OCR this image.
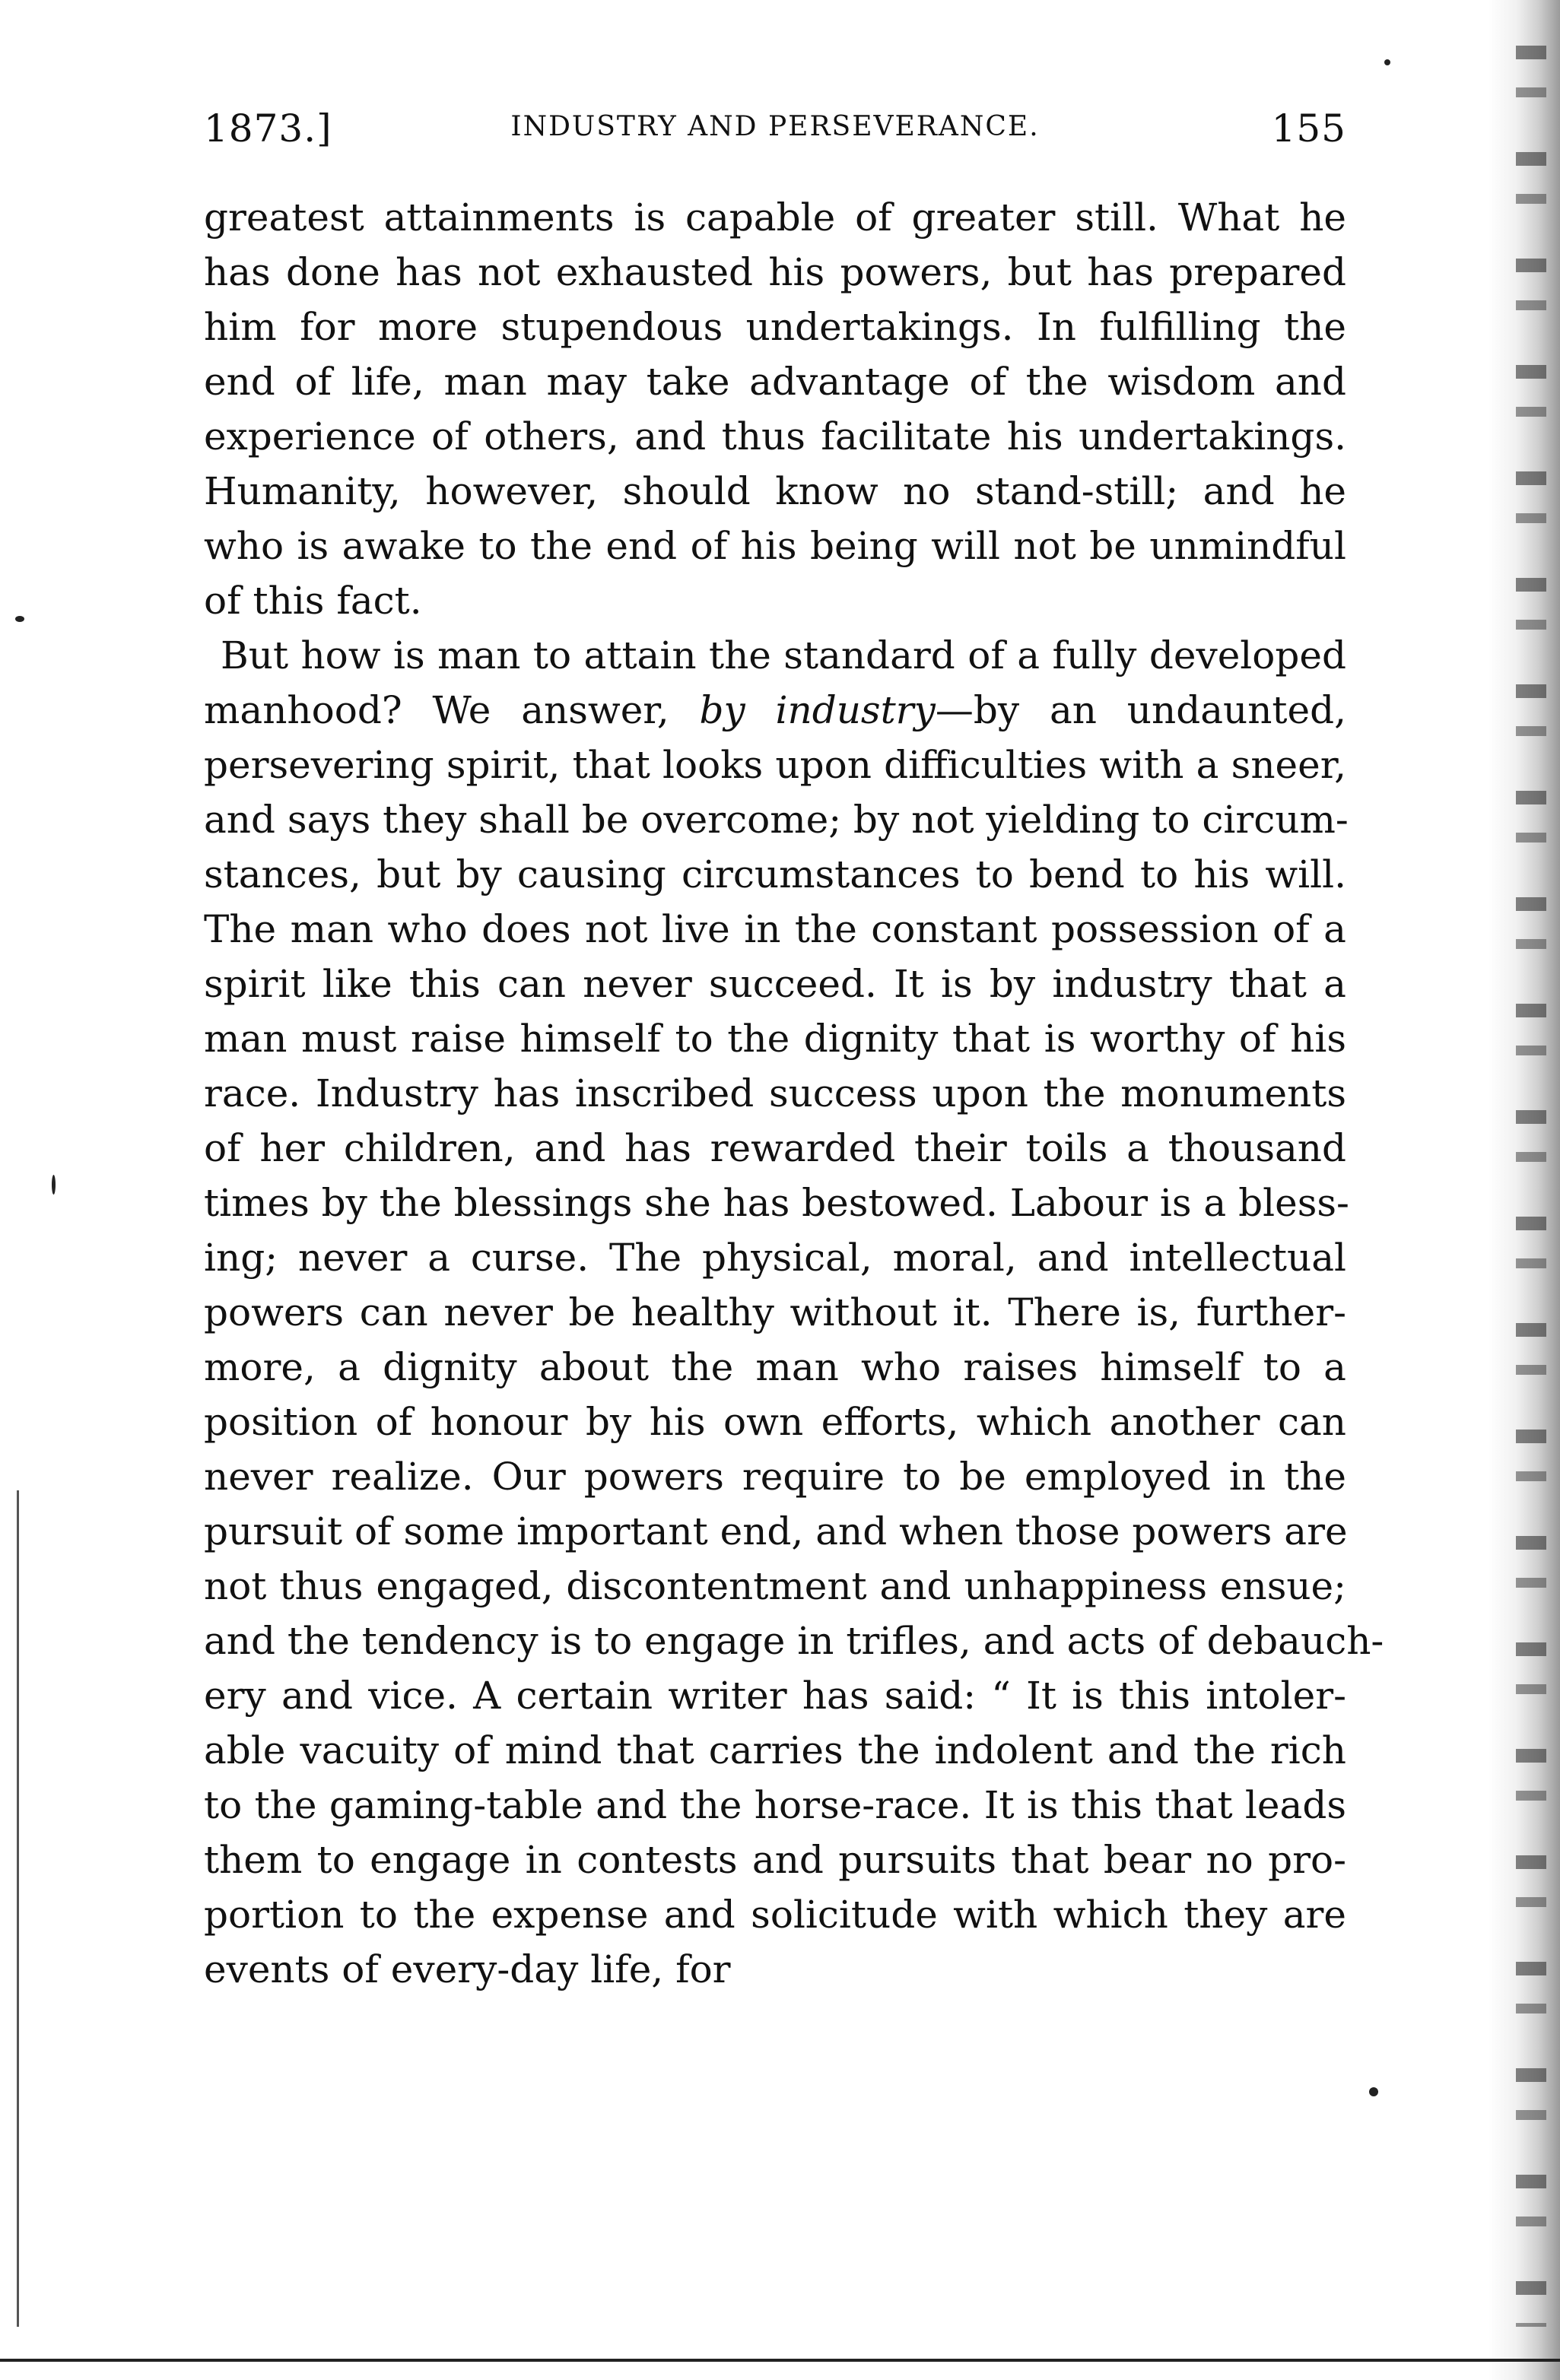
1873.]	INDUSTRY AND PERSEVERANCE.	155
greatest attainments is capable of greater still. What he
has done has not exhausted his powers, but has prepared
him for more stupendous undertakings. In fulfilling the
end of life, man may take advantage of the wisdom and
experience of others, and thus facilitate his undertakings.
Humanity, however, should know no stand-still; and he
who is awake to the end of his being will not be unmindful
of this fact.
But how is man to attain the standard of a fully developed
manhood? We answer, by industry—by an undaunted,
persevering spirit, that looks upon difficulties with a sneer,
and says they shall be overcome; by not yielding to circum-
stances, but by causing circumstances to bend to his will.
The man who does not live in the constant possession of a
spirit like this can never succeed. It is by industry that a
man must raise himself to the dignity that is worthy of his
race. Industry has inscribed success upon the monuments
of her children, and has rewarded their toils a thousand
times by the blessings she has bestowed. Labour is a bless-
ing; never a curse. The physical, moral, and intellectual
powers can never be healthy without it. There is, further-
more, a dignity about the man who raises himself to a
position of honour by his own efforts, which another can
never realize. Our powers require to be employed in the
pursuit of some important end, and when those powers are
not thus engaged, discontentment and unhappiness ensue;
and the tendency is to engage in trifles, and acts of debauch-
ery and vice. A certain writer has said: “ It is this intoler-
able vacuity of mind that carries the indolent and the rich
to the gaming-table and the horse-race. It is this that leads
them to engage in contests and pursuits that bear no pro-
portion to the expense and solicitude with which they are
events of every-day life, for
